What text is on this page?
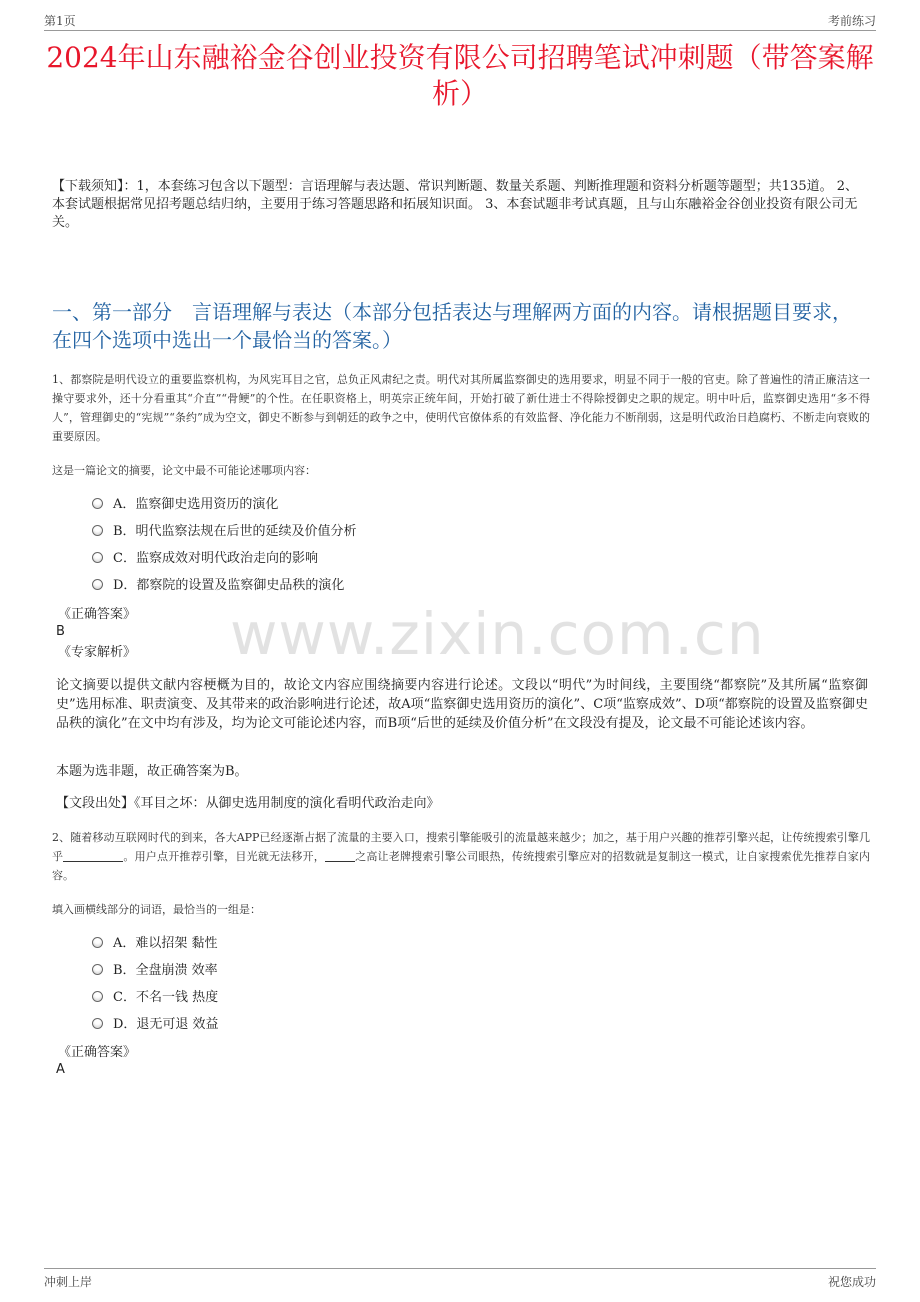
第1页	考前练习
2024年山东融裕金谷创业投资有限公司招聘笔试冲刺题（带答案解析）
【下载须知】：1，本套练习包含以下题型：言语理解与表达题、常识判断题、数量关系题、判断推理题和资料分析题等题型；共135道。 2、本套试题根据常见招考题总结归纳，主要用于练习答题思路和拓展知识面。 3、本套试题非考试真题，且与山东融裕金谷创业投资有限公司无关。
一、第一部分　言语理解与表达（本部分包括表达与理解两方面的内容。请根据题目要求，在四个选项中选出一个最恰当的答案。）
1、都察院是明代设立的重要监察机构，为风宪耳目之官，总负正风肃纪之责。明代对其所属监察御史的选用要求，明显不同于一般的官吏。除了普遍性的清正廉洁这一操守要求外，还十分看重其“介直”“骨鲠”的个性。在任职资格上，明英宗正统年间，开始打破了新仕进士不得除授御史之职的规定。明中叶后，监察御史选用“多不得人”，管理御史的“宪规”“条约”成为空文，御史不断参与到朝廷的政争之中，使明代官僚体系的有效监督、净化能力不断削弱，这是明代政治日趋腐朽、不断走向衰败的重要原因。
这是一篇论文的摘要，论文中最不可能论述哪项内容：
A．监察御史选用资历的演化
B．明代监察法规在后世的延续及价值分析
C．监察成效对明代政治走向的影响
D．都察院的设置及监察御史品秩的演化
《正确答案》
B
《专家解析》 www.zixin.com.cn
论文摘要以提供文献内容梗概为目的，故论文内容应围绕摘要内容进行论述。文段以“明代”为时间线，主要围绕“都察院”及其所属“监察御史”选用标准、职责演变、及其带来的政治影响进行论述，故A项“监察御史选用资历的演化”、C项“监察成效”、D项“都察院的设置及监察御史品秩的演化”在文中均有涉及，均为论文可能论述内容，而B项“后世的延续及价值分析”在文段没有提及，论文最不可能论述该内容。
本题为选非题，故正确答案为B。
【文段出处】《耳目之坏：从御史选用制度的演化看明代政治走向》
2、随着移动互联网时代的到来，各大APP已经逐渐占据了流量的主要入口，搜索引擎能吸引的流量越来越少；加之，基于用户兴趣的推荐引擎兴起，让传统搜索引擎几乎	。用户点开推荐引擎，目光就无法移开，	之高让老牌搜索引擎公司眼热，传统搜索引擎应对的招数就是复制这一模式，让自家搜索优先推荐自家内容。
填入画横线部分的词语，最恰当的一组是：
A．难以招架 黏性
B．全盘崩溃 效率
C．不名一钱 热度
D．退无可退 效益
《正确答案》
A
冲刺上岸	祝您成功
